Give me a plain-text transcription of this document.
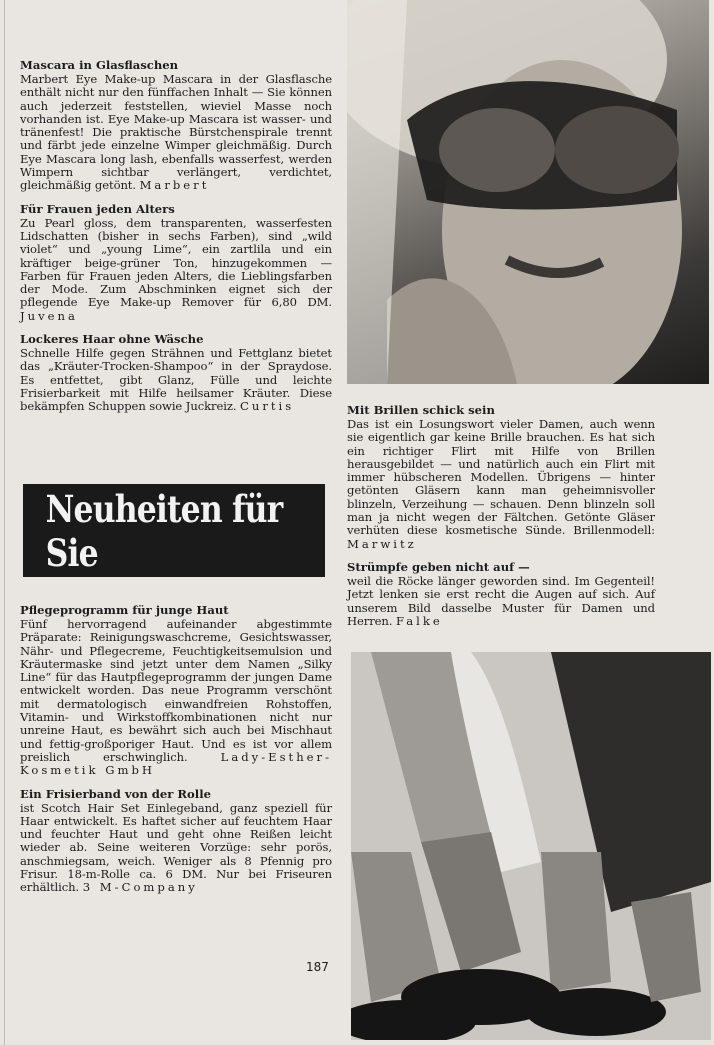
Mascara in Glasflaschen

Marbert Eye Make-up Mascara in der Glasflasche enthält nicht nur den fünffachen Inhalt — Sie können auch jederzeit feststellen, wieviel Masse noch vorhanden ist. Eye Make-up Mascara ist wasser- und tränenfest! Die praktische Bürstchenspirale trennt und färbt jede einzelne Wimper gleichmäßig. Durch Eye Mascara long lash, ebenfalls wasserfest, werden Wimpern sichtbar verlängert, verdichtet, gleichmäßig getönt. Marbert

Für Frauen jeden Alters

Zu Pearl gloss, dem transparenten, wasserfesten Lidschatten (bisher in sechs Farben), sind „wild violet“ und „young Lime“, ein zartlila und ein kräftiger beige-grüner Ton, hinzugekommen — Farben für Frauen jeden Alters, die Lieblingsfarben der Mode. Zum Abschminken eignet sich der pflegende Eye Make-up Remover für 6,80 DM. Juvena

Lockeres Haar ohne Wäsche

Schnelle Hilfe gegen Strähnen und Fettglanz bietet das „Kräuter-Trocken-Shampoo“ in der Spraydose. Es entfettet, gibt Glanz, Fülle und leichte Frisierbarkeit mit Hilfe heilsamer Kräuter. Diese bekämpfen Schuppen sowie Juckreiz. Curtis

Neuheiten für Sie
Pflegeprogramm für junge Haut

Fünf hervorragend aufeinander abgestimmte Präparate: Reinigungswaschcreme, Gesichtswasser, Nähr- und Pflegecreme, Feuchtigkeitsemulsion und Kräutermaske sind jetzt unter dem Namen „Silky Line“ für das Hautpflegeprogramm der jungen Dame entwickelt worden. Das neue Programm verschönt mit dermatologisch einwandfreien Rohstoffen, Vitamin- und Wirkstoffkombinationen nicht nur unreine Haut, es bewährt sich auch bei Mischhaut und fettig-großporiger Haut. Und es ist vor allem preislich erschwinglich.	Lady-Esther-Kosmetik GmbH

Ein Frisierband von der Rolle

ist Scotch Hair Set Einlegeband, ganz speziell für Haar entwickelt. Es haftet sicher auf feuchtem Haar und feuchter Haut und geht ohne Reißen leicht wieder ab. Seine weiteren Vorzüge: sehr porös, anschmiegsam, weich. Weniger als 8 Pfennig pro Frisur. 18-m-Rolle ca. 6 DM. Nur bei Friseuren erhältlich. 3 M-Company

Mit Brillen schick sein

Das ist ein Losungswort vieler Damen, auch wenn sie eigentlich gar keine Brille brauchen. Es hat sich ein richtiger Flirt mit Hilfe von Brillen herausgebildet — und natürlich auch ein Flirt mit immer hübscheren Modellen. Übrigens — hinter getönten Gläsern kann man geheimnisvoller blinzeln, Verzeihung — schauen. Denn blinzeln soll man ja nicht wegen der Fältchen. Getönte Gläser verhüten diese kosmetische Sünde. Brillenmodell: Marwitz

Strümpfe geben nicht auf —

weil die Röcke länger geworden sind. Im Gegenteil! Jetzt lenken sie erst recht die Augen auf sich. Auf unserem Bild dasselbe Muster für Damen und Herren. Falke

187
